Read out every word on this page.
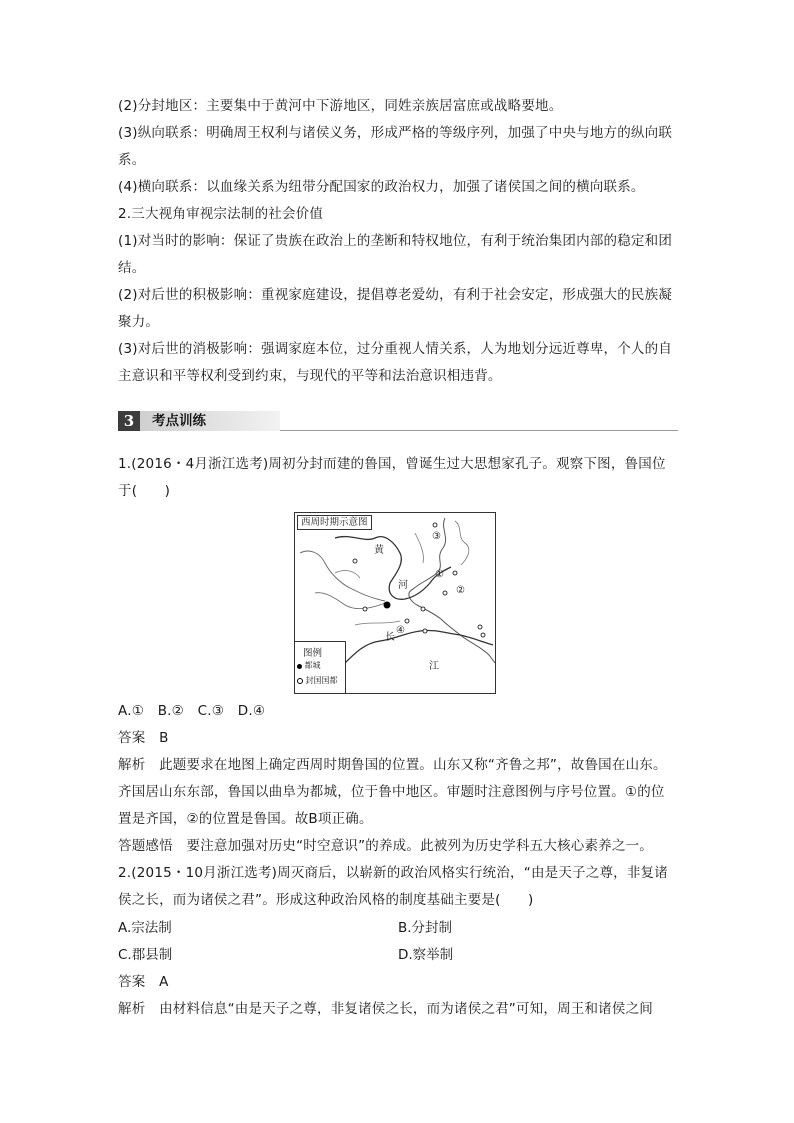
(2)分封地区：主要集中于黄河中下游地区，同姓亲族居富庶或战略要地。
(3)纵向联系：明确周王权利与诸侯义务，形成严格的等级序列，加强了中央与地方的纵向联
系。
(4)横向联系：以血缘关系为纽带分配国家的政治权力，加强了诸侯国之间的横向联系。
2.三大视角审视宗法制的社会价值
(1)对当时的影响：保证了贵族在政治上的垄断和特权地位，有利于统治集团内部的稳定和团
结。
(2)对后世的积极影响：重视家庭建设，提倡尊老爱幼，有利于社会安定，形成强大的民族凝
聚力。
(3)对后世的消极影响：强调家庭本位，过分重视人情关系，人为地划分远近尊卑，个人的自
主意识和平等权利受到约束，与现代的平等和法治意识相违背。
3	考点训练
1.(2016・4月浙江选考)周初分封而建的鲁国，曾诞生过大思想家孔子。观察下图，鲁国位
于(　　)
西周时期示意图
黄
河
长
江
①
②
③
④
图例
都城
封国国都
A.①　B.②　C.③　D.④
答案　B
解析　此题要求在地图上确定西周时期鲁国的位置。山东又称“齐鲁之邦”，故鲁国在山东。
齐国居山东东部，鲁国以曲阜为都城，位于鲁中地区。审题时注意图例与序号位置。①的位
置是齐国，②的位置是鲁国。故B项正确。
答题感悟　要注意加强对历史“时空意识”的养成。此被列为历史学科五大核心素养之一。
2.(2015・10月浙江选考)周灭商后，以崭新的政治风格实行统治，“由是天子之尊，非复诸
侯之长，而为诸侯之君”。形成这种政治风格的制度基础主要是(　　)
A.宗法制	B.分封制
C.郡县制	D.察举制
答案　A
解析　由材料信息“由是天子之尊，非复诸侯之长，而为诸侯之君”可知，周王和诸侯之间
